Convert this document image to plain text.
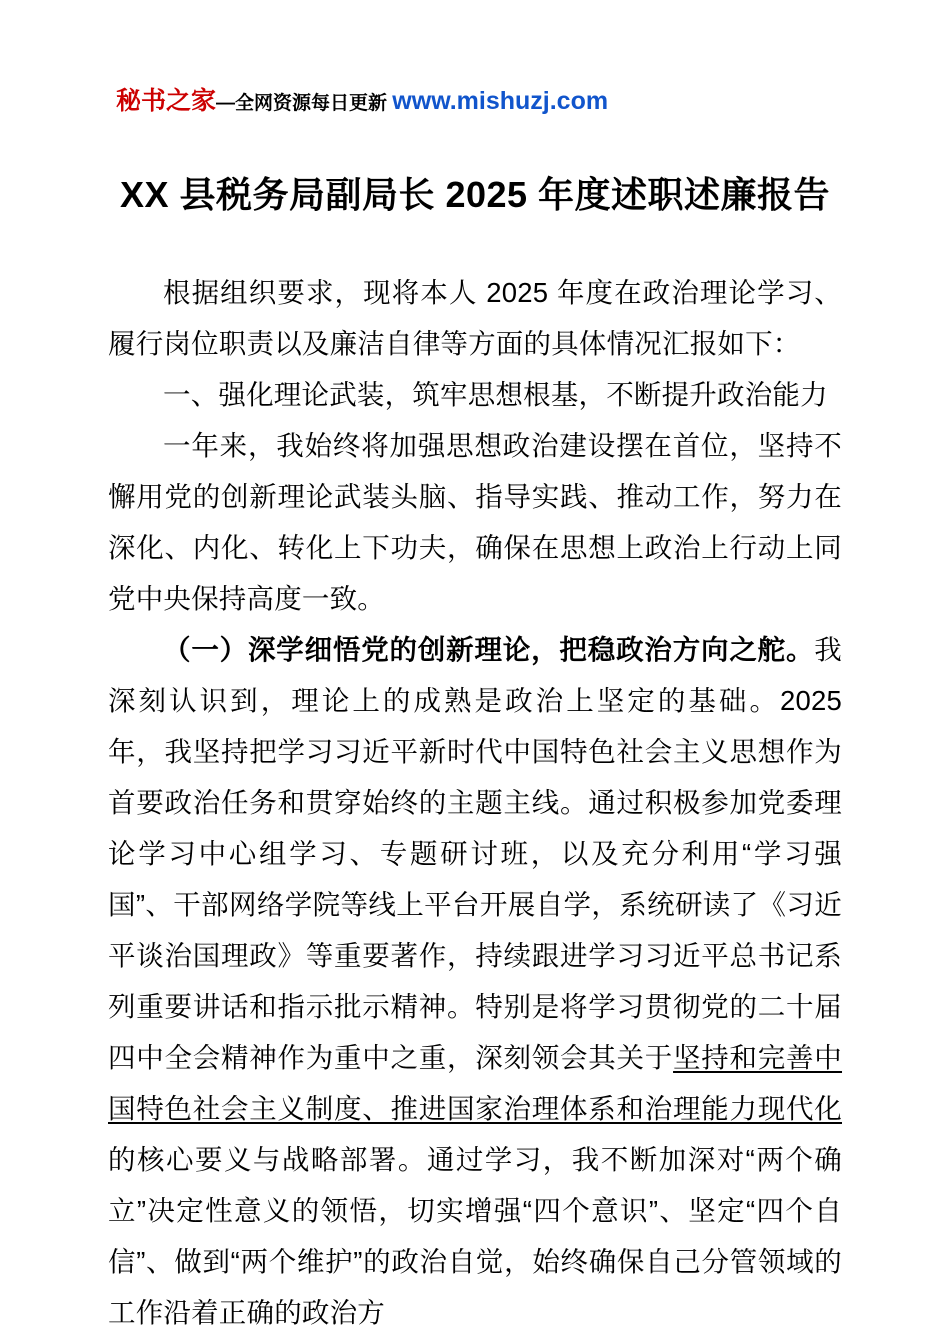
秘书之家—全网资源每日更新 www.mishuzj.com
XX 县税务局副局长 2025 年度述职述廉报告

根据组织要求，现将本人 2025 年度在政治理论学习、履行岗位职责以及廉洁自律等方面的具体情况汇报如下：

一、强化理论武装，筑牢思想根基，不断提升政治能力

一年来，我始终将加强思想政治建设摆在首位，坚持不懈用党的创新理论武装头脑、指导实践、推动工作，努力在深化、内化、转化上下功夫，确保在思想上政治上行动上同党中央保持高度一致。

（一）深学细悟党的创新理论，把稳政治方向之舵。我深刻认识到，理论上的成熟是政治上坚定的基础。2025 年，我坚持把学习习近平新时代中国特色社会主义思想作为首要政治任务和贯穿始终的主题主线。通过积极参加党委理论学习中心组学习、专题研讨班，以及充分利用“学习强国”、干部网络学院等线上平台开展自学，系统研读了《习近平谈治国理政》等重要著作，持续跟进学习习近平总书记系列重要讲话和指示批示精神。特别是将学习贯彻党的二十届四中全会精神作为重中之重，深刻领会其关于坚持和完善中国特色社会主义制度、推进国家治理体系和治理能力现代化的核心要义与战略部署。通过学习，我不断加深对“两个确立”决定性意义的领悟，切实增强“四个意识”、坚定“四个自信”、做到“两个维护”的政治自觉，始终确保自己分管领域的工作沿着正确的政治方
